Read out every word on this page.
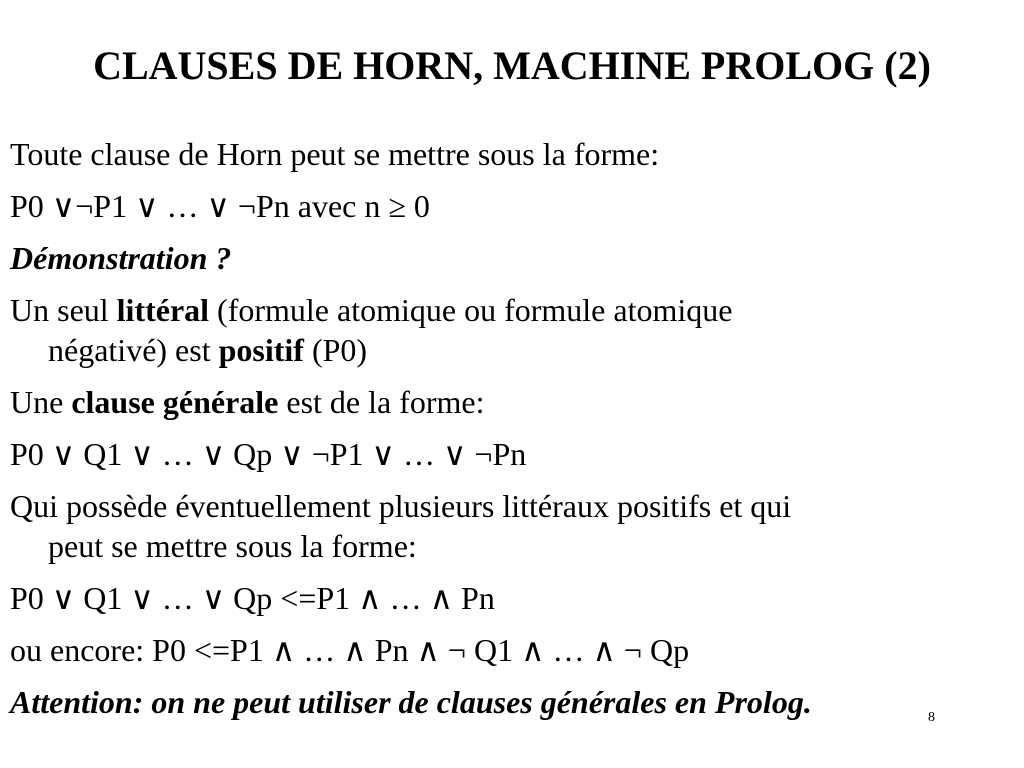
CLAUSES DE HORN, MACHINE PROLOG (2)

Toute clause de Horn peut se mettre sous la forme:

P0 ∨¬P1 ∨ … ∨ ¬Pn avec n ≥ 0

Démonstration ?

Un seul littéral (formule atomique ou formule atomique
négativé) est positif (P0)

Une clause générale est de la forme:

P0 ∨ Q1 ∨ … ∨ Qp ∨ ¬P1 ∨ … ∨ ¬Pn

Qui possède éventuellement plusieurs littéraux positifs et qui
peut se mettre sous la forme:

P0 ∨ Q1 ∨ … ∨ Qp <=P1 ∧ … ∧ Pn

ou encore: P0 <=P1 ∧ … ∧ Pn ∧ ¬ Q1 ∧ … ∧ ¬ Qp

Attention: on ne peut utiliser de clauses générales en Prolog.	8
